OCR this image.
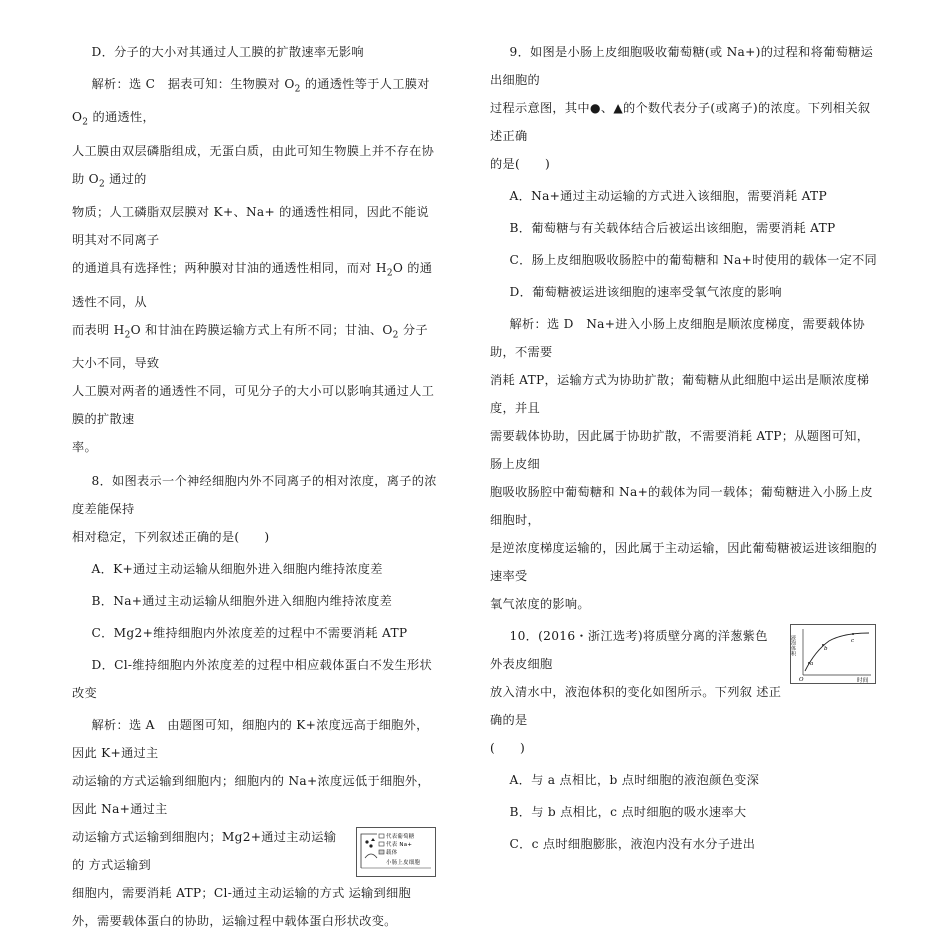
D．分子的大小对其通过人工膜的扩散速率无影响

解析：选 C　据表可知：生物膜对 $O_2$ 的通透性等于人工膜对 $O_2$ 的通透性，

人工膜由双层磷脂组成，无蛋白质，由此可知生物膜上并不存在协助 $O_2$ 通过的

物质；人工磷脂双层膜对 K+、Na+ 的通透性相同，因此不能说明其对不同离子

的通道具有选择性；两种膜对甘油的通透性相同，而对 $H_2O$ 的通透性不同，从

而表明 $H_2O$ 和甘油在跨膜运输方式上有所不同；甘油、$O_2$ 分子大小不同，导致

人工膜对两者的通透性不同，可见分子的大小可以影响其通过人工膜的扩散速

率。

8．如图表示一个神经细胞内外不同离子的相对浓度，离子的浓度差能保持

相对稳定，下列叙述正确的是(　　)

A．K+通过主动运输从细胞外进入细胞内维持浓度差

B．Na+通过主动运输从细胞外进入细胞内维持浓度差

C．Mg2+维持细胞内外浓度差的过程中不需要消耗 ATP

D．Cl-维持细胞内外浓度差的过程中相应载体蛋白不发生形状改变

解析：选 A　由题图可知，细胞内的 K+浓度远高于细胞外，因此 K+通过主

动运输的方式运输到细胞内；细胞内的 Na+浓度远低于细胞外，因此 Na+通过主

代表葡萄糖
代表 Na+
载体
小肠上皮细胞

动运输方式运输到细胞内；Mg2+通过主动运输的 方式运输到

细胞内，需要消耗 ATP；Cl-通过主动运输的方式 运输到细胞

外，需要载体蛋白的协助，运输过程中载体蛋白形状改变。

9．如图是小肠上皮细胞吸收葡萄糖(或 Na+)的过程和将葡萄糖运出细胞的

过程示意图，其中●、▲的个数代表分子(或离子)的浓度。下列相关叙述正确

的是(　　)

A．Na+通过主动运输的方式进入该细胞，需要消耗 ATP

B．葡萄糖与有关载体结合后被运出该细胞，需要消耗 ATP

C．肠上皮细胞吸收肠腔中的葡萄糖和 Na+时使用的载体一定不同

D．葡萄糖被运进该细胞的速率受氧气浓度的影响

解析：选 D　Na+进入小肠上皮细胞是顺浓度梯度，需要载体协助，不需要

消耗 ATP，运输方式为协助扩散；葡萄糖从此细胞中运出是顺浓度梯度，并且

需要载体协助，因此属于协助扩散，不需要消耗 ATP；从题图可知，肠上皮细

胞吸收肠腔中葡萄糖和 Na+的载体为同一载体；葡萄糖进入小肠上皮细胞时，

是逆浓度梯度运输的，因此属于主动运输，因此葡萄糖被运进该细胞的速率受

氧气浓度的影响。

液泡体积
时间
O
a
b
c

10．(2016・浙江选考)将质壁分离的洋葱紫色外表皮细胞

放入清水中，液泡体积的变化如图所示。下列叙 述正确的是

(　　)

A．与 a 点相比，b 点时细胞的液泡颜色变深

B．与 b 点相比，c 点时细胞的吸水速率大

C．c 点时细胞膨胀，液泡内没有水分子进出
